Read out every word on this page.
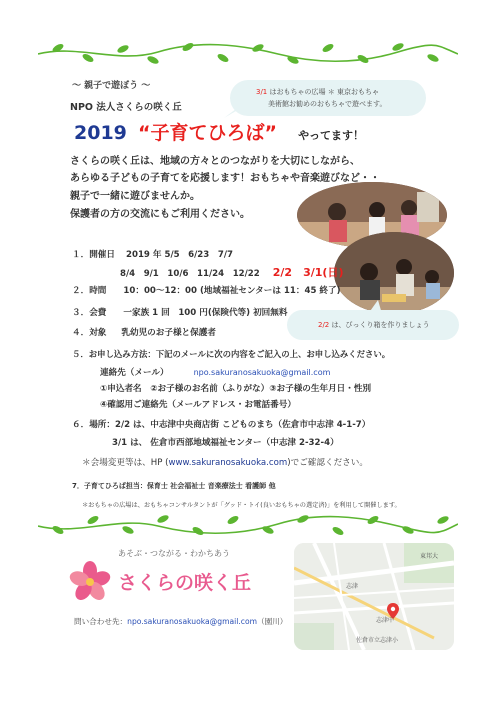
3/1 はおもちゃの広場 ＊ 東京おもちゃ
美術館お勧めのおもちゃで遊べます。
～ 親子で遊ぼう ～
NPO 法人さくらの咲く丘
2019 “子育てひろば” やってます！
さくらの咲く丘は、地域の方々とのつながりを大切にしながら、
あらゆる子どもの子育てを応援します！おもちゃや音楽遊びなど・・
親子で一緒に遊びませんか。
保護者の方の交流にもご利用ください。
１．開催日 2019 年 5/5　6/23　7/7
8/4　9/1　10/6　11/24　12/22 2/2　3/1(日)
２．時間 10：00～12：00 (地域福祉センターは 11：45 終了)
３．会費 一家族 1 回　100 円(保険代等) 初回無料
４．対象 乳幼児のお子様と保護者
2/2 は、びっくり箱を作りましょう
５．お申し込み方法：下記のメールに次の内容をご記入の上、お申し込みください。
連絡先（メール）	npo.sakuranosakuoka@gmail.com
①申込者名　②お子様のお名前（ふりがな）③お子様の生年月日・性別
④確認用ご連絡先（メールアドレス・お電話番号）
６．場所：2/2 は、中志津中央商店街 こどものまち（佐倉市中志津 4-1-7）
3/1 は、 佐倉市西部地域福祉センター（中志津 2-32-4）
＊会場変更等は、HP (www.sakuranosakuoka.com)でご確認ください。
7．子育てひろば担当：保育士 社会福祉士 音楽療法士 看護師 他
＊おもちゃの広場は、おもちゃコンサルタントが「グッド・トイ(良いおもちゃの選定済)」を利用して開催します。
あそぶ・つながる・わかちあう
さくらの咲く丘
問い合わせ先：npo.sakuranosakuoka@gmail.com（園川）
志津
佐倉市立志津小
志津中
東邦大
